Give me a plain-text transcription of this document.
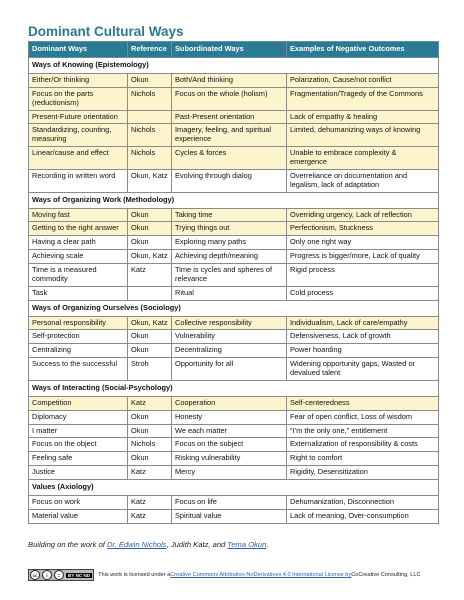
Dominant Cultural Ways
Dominant Ways	Reference	Subordinated Ways	Examples of Negative Outcomes
Ways of Knowing (Epistemology)			
Either/Or thinking	Okun	Both/And thinking	Polarization, Cause/not conflict
Focus on the parts (reductionism)	Nichols	Focus on the whole (holism)	Fragmentation/Tragedy of the Commons
Present-Future orientation		Past-Present orientation	Lack of empathy & healing
Standardizing, counting, measuring	Nichols	Imagery, feeling, and spiritual experience	Limited, dehumanizing ways of knowing
Linear/cause and effect	Nichols	Cycles & forces	Unable to embrace complexity & emergence
Recording in written word	Okun, Katz	Evolving through dialog	Overreliance on documentation and legalism, lack of adaptation
Ways of Organizing Work (Methodology)			
Moving fast	Okun	Taking time	Overriding urgency, Lack of reflection
Getting to the right answer	Okun	Trying things out	Perfectionism, Stuckness
Having a clear path	Okun	Exploring many paths	Only one right way
Achieving scale	Okun, Katz	Achieving depth/meaning	Progress is bigger/more, Lack of quality
Time is a measured commodity	Katz	Time is cycles and spheres of relevance	Rigid process
Task		Ritual	Cold process
Ways of Organizing Ourselves (Sociology)			
Personal responsibility	Okun, Katz	Collective responsibility	Individualism, Lack of care/empathy
Self-protection	Okun	Vulnerability	Defensiveness, Lack of growth
Centralizing	Okun	Decentralizing	Power hoarding
Success to the successful	Stroh	Opportunity for all	Widening opportunity gaps, Wasted or devalued talent
Ways of Interacting (Social-Psychology)			
Competition	Katz	Cooperation	Self-centeredness
Diplomacy	Okun	Honesty	Fear of open conflict, Loss of wisdom
I matter	Okun	We each matter	“I’m the only one,” entitlement
Focus on the object	Nichols	Focus on the subject	Externalization of responsibility & costs
Feeling safe	Okun	Risking vulnerability	Right to comfort
Justice	Katz	Mercy	Rigidity, Desensitization
Values (Axiology)			
Focus on work	Katz	Focus on life	Dehumanization, Disconnection
Material value	Katz	Spiritual value	Lack of meaning, Over-consumption
Building on the work of Dr. Edwin Nichols, Judith Katz, and Tema Okun.
cc	i	=	BY NC ND	This work is licensed under a Creative Commons Attribution-NoDerivatives 4.0 International License by CoCreative Consulting, LLC
